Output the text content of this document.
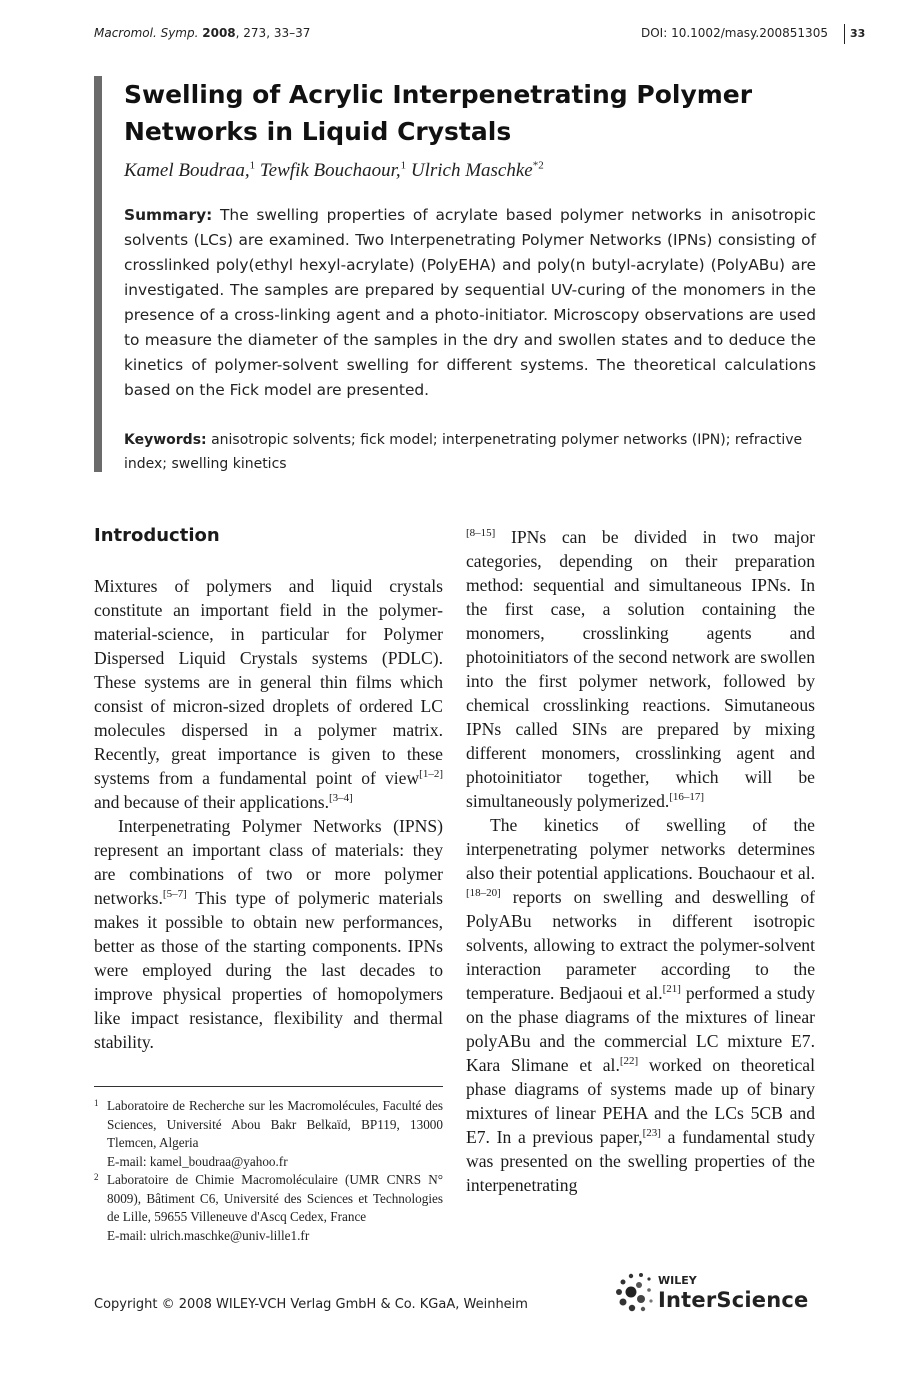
Macromol. Symp. 2008, 273, 33–37	DOI: 10.1002/masy.200851305 33
Swelling of Acrylic Interpenetrating Polymer
Networks in Liquid Crystals
Kamel Boudraa,$^1$ Tewfik Bouchaour,$^1$ Ulrich Maschke$^{*2}$

Summary: The swelling properties of acrylate based polymer networks in anisotropic solvents (LCs) are examined. Two Interpenetrating Polymer Networks (IPNs) consisting of crosslinked poly(ethyl hexyl-acrylate) (PolyEHA) and poly(n butyl-acrylate) (PolyABu) are investigated. The samples are prepared by sequential UV-curing of the monomers in the presence of a cross-linking agent and a photo-initiator. Microscopy observations are used to measure the diameter of the samples in the dry and swollen states and to deduce the kinetics of polymer-solvent swelling for different systems. The theoretical calculations based on the Fick model are presented.

Keywords: anisotropic solvents; fick model; interpenetrating polymer networks (IPN); refractive index; swelling kinetics

Introduction

Mixtures of polymers and liquid crystals constitute an important field in the polymer- material-science, in particular for Polymer Dispersed Liquid Crystals systems (PDLC). These systems are in general thin films which consist of micron-sized droplets of ordered LC molecules dispersed in a polymer matrix. Recently, great importance is given to these systems from a fundamental point of view[1–2] and because of their applications.[3–4]

Interpenetrating Polymer Networks (IPNS) represent an important class of materials: they are combinations of two or more polymer networks.[5–7] This type of polymeric materials makes it possible to obtain new performances, better as those of the starting components. IPNs were employed during the last decades to improve physical properties of homopolymers like impact resistance, flexibility and thermal stability.

1 Laboratoire de Recherche sur les Macromolécules, Faculté des Sciences, Université Abou Bakr Belkaïd, BP119, 13000 Tlemcen, Algeria
E-mail: kamel_boudraa@yahoo.fr
2 Laboratoire de Chimie Macromoléculaire (UMR CNRS N° 8009), Bâtiment C6, Université des Sciences et Technologies de Lille, 59655 Villeneuve d'Ascq Cedex, France
E-mail: ulrich.maschke@univ-lille1.fr

[8–15] IPNs can be divided in two major categories, depending on their preparation method: sequential and simultaneous IPNs. In the first case, a solution containing the monomers, crosslinking agents and photoinitiators of the second network are swollen into the first polymer network, followed by chemical crosslinking reactions. Simutaneous IPNs called SINs are prepared by mixing different monomers, crosslinking agent and photoinitiator together, which will be simultaneously polymerized.[16–17]

The kinetics of swelling of the interpenetrating polymer networks determines also their potential applications. Bouchaour et al.[18–20] reports on swelling and deswelling of PolyABu networks in different isotropic solvents, allowing to extract the polymer-solvent interaction parameter according to the temperature. Bedjaoui et al.[21] performed a study on the phase diagrams of the mixtures of linear polyABu and the commercial LC mixture E7. Kara Slimane et al.[22] worked on theoretical phase diagrams of systems made up of binary mixtures of linear PEHA and the LCs 5CB and E7. In a previous paper,[23] a fundamental study was presented on the swelling properties of the interpenetrating

Copyright © 2008 WILEY-VCH Verlag GmbH & Co. KGaA, Weinheim
WILEY
InterScience
